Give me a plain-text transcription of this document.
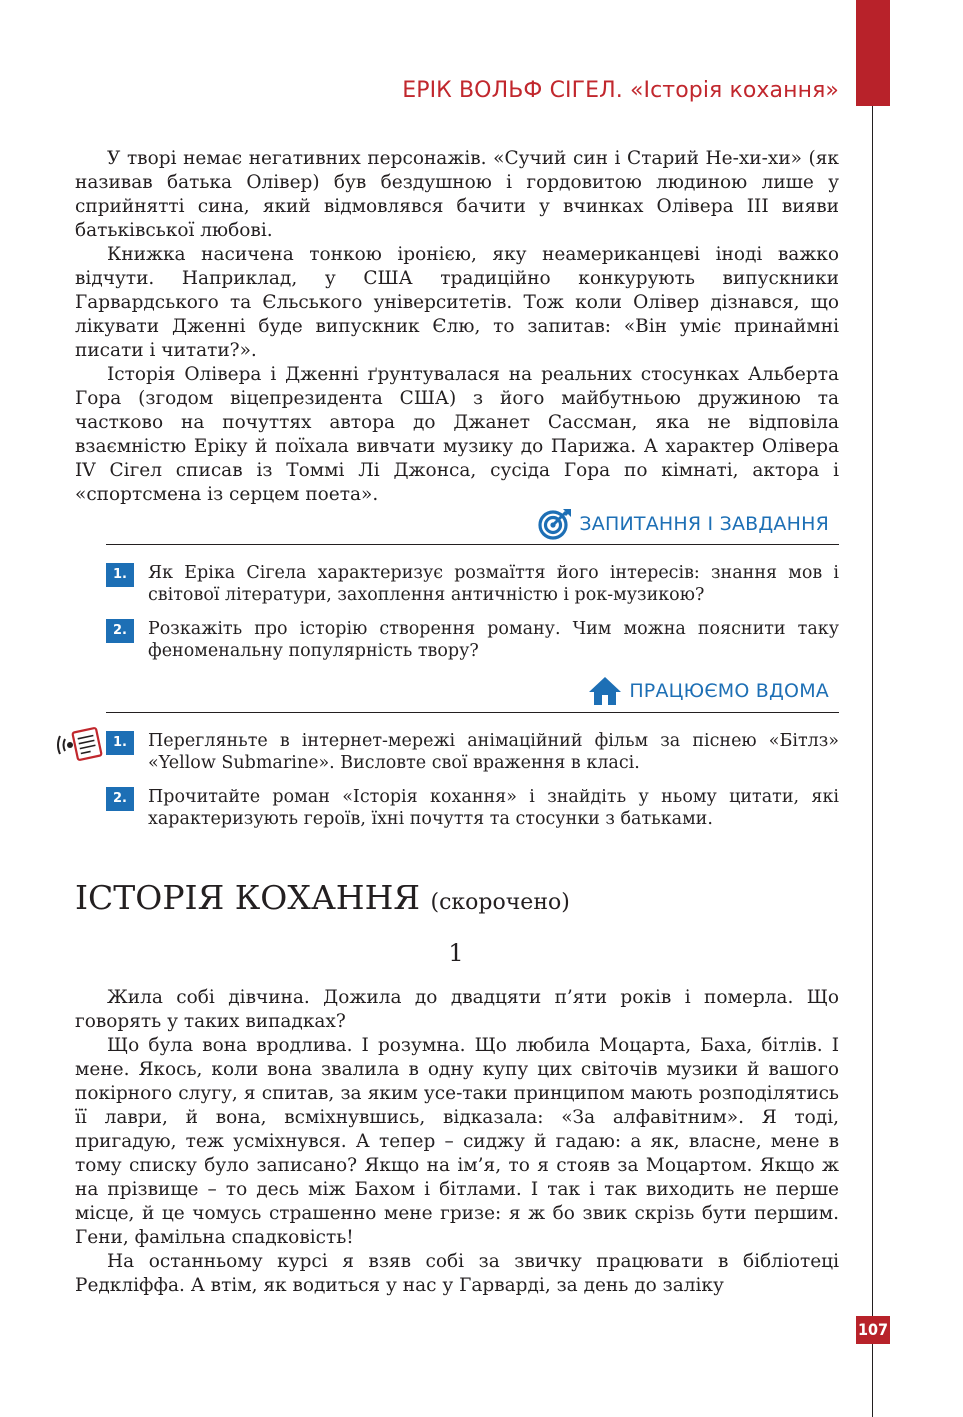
ЕРІК ВОЛЬФ СІГЕЛ. «Історія кохання»

У творі немає негативних персонажів. «Сучий син і Старий Не-хи-хи» (як називав батька Олівер) був бездушною і гордовитою людиною лише у сприйнятті сина, який відмовлявся бачити у вчинках Олівера III вияви батьківської любові.

Книжка насичена тонкою іронією, яку неамериканцеві іноді важко відчути. Наприклад, у США традиційно конкурують випускники Гарвардського та Єльського університетів. Тож коли Олівер дізнався, що лікувати Дженні буде випускник Єлю, то запитав: «Він уміє принаймні писати і читати?».

Історія Олівера і Дженні ґрунтувалася на реальних стосунках Альберта Гора (згодом віцепрезидента США) з його майбутньою дружиною та частково на почуттях автора до Джанет Сассман, яка не відповіла взаємністю Еріку й поїхала вивчати музику до Парижа. А характер Олівера IV Сігел списав із Томмі Лі Джонса, сусіда Гора по кімнаті, актора і «спортсмена із серцем поета».

ЗАПИТАННЯ І ЗАВДАННЯ
1.	Як Еріка Сігела характеризує розмаїття його інтересів: знання мов і світової літератури, захоплення античністю і рок-музикою?
2.	Розкажіть про історію створення роману. Чим можна пояснити таку феноменальну популярність твору?
ПРАЦЮЄМО ВДОМА
1.	Перегляньте в інтернет-мережі анімаційний фільм за піснею «Бітлз» «Yellow Submarine». Висловте свої враження в класі.
2.	Прочитайте роман «Історія кохання» і знайдіть у ньому цитати, які характеризують героїв, їхні почуття та стосунки з батьками.
ІСТОРІЯ КОХАННЯ (скорочено)
1

Жила собі дівчина. Дожила до двадцяти п’яти років і померла. Що говорять у таких випадках?

Що була вона вродлива. І розумна. Що любила Моцарта, Баха, бітлів. І мене. Якось, коли вона звалила в одну купу цих світочів музики й вашого покірного слугу, я спитав, за яким усе-таки принципом мають розподілятись її лаври, й вона, всміхнувшись, відказала: «За алфавітним». Я тоді, пригадую, теж усміхнувся. А тепер – сиджу й гадаю: а як, власне, мене в тому списку було записано? Якщо на ім’я, то я стояв за Моцартом. Якщо ж на прізвище – то десь між Бахом і бітлами. І так і так виходить не перше місце, й це чомусь страшенно мене гризе: я ж бо звик скрізь бути першим. Гени, фамільна спадковість!

На останньому курсі я взяв собі за звичку працювати в бібліотеці Редкліффа. А втім, як водиться у нас у Гарварді, за день до заліку

107
